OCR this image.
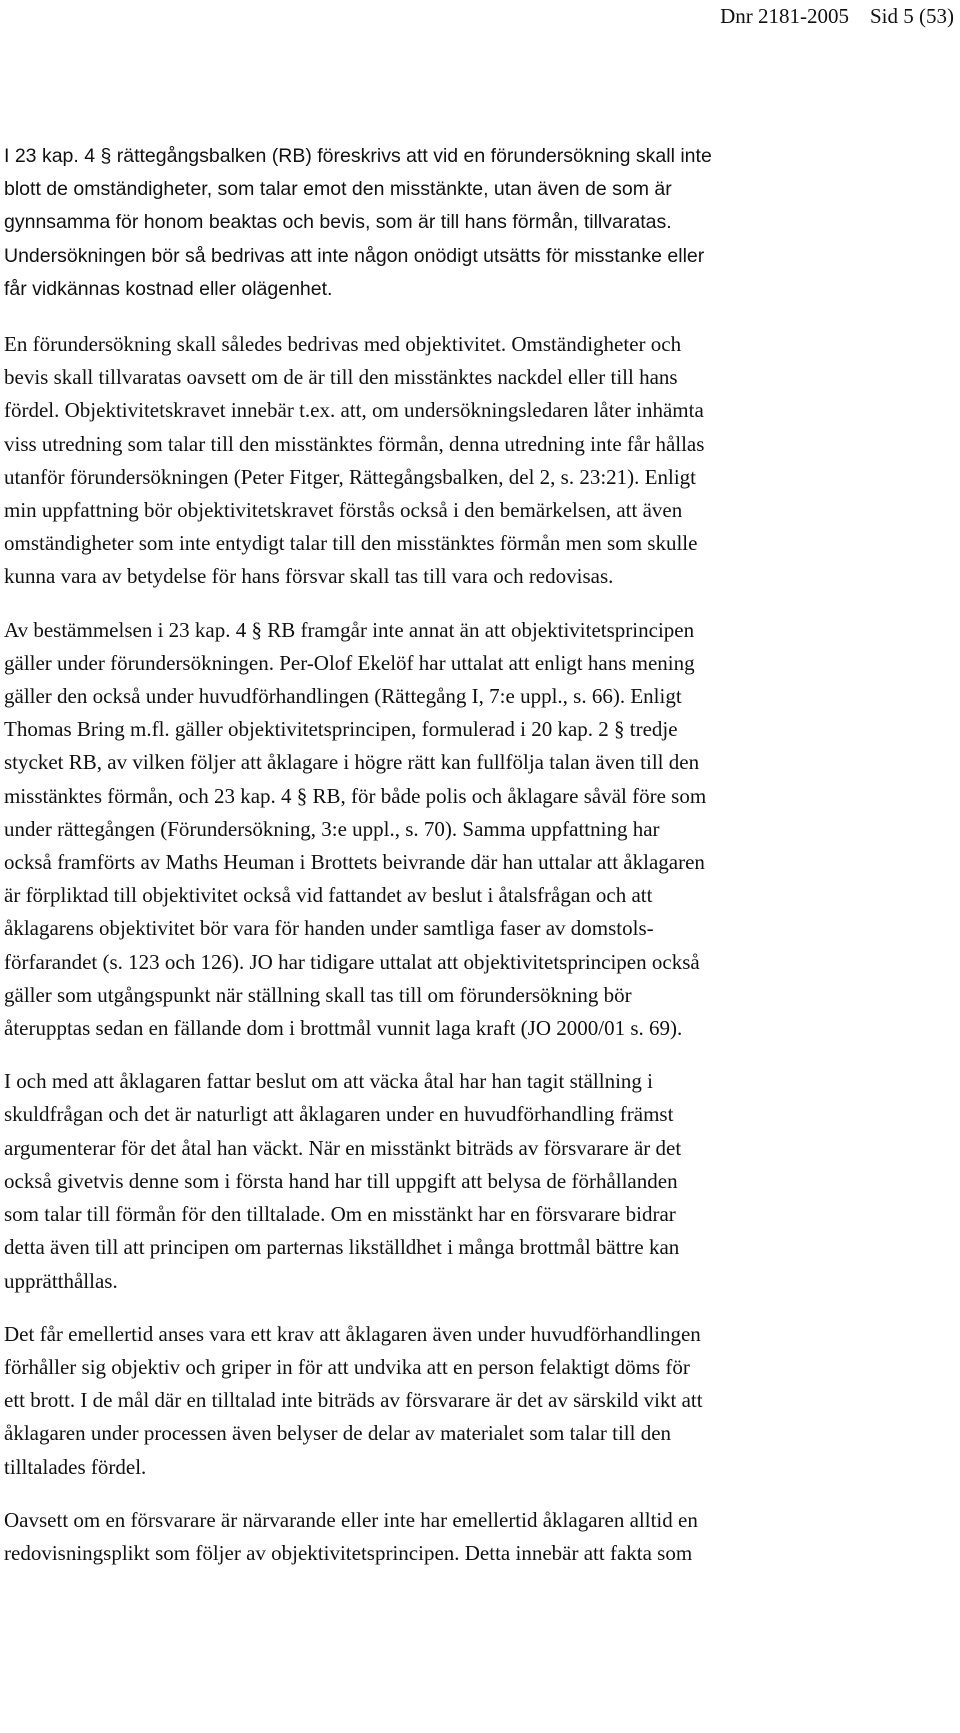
Dnr 2181-2005    Sid 5 (53)

I 23 kap. 4 § rättegångsbalken (RB) föreskrivs att vid en förundersökning skall inte
blott de omständigheter, som talar emot den misstänkte, utan även de som är
gynnsamma för honom beaktas och bevis, som är till hans förmån, tillvaratas.
Undersökningen bör så bedrivas att inte någon onödigt utsätts för misstanke eller
får vidkännas kostnad eller olägenhet.

En förundersökning skall således bedrivas med objektivitet. Omständigheter och
bevis skall tillvaratas oavsett om de är till den misstänktes nackdel eller till hans
fördel. Objektivitetskravet innebär t.ex. att, om undersökningsledaren låter inhämta
viss utredning som talar till den misstänktes förmån, denna utredning inte får hållas
utanför förundersökningen (Peter Fitger, Rättegångsbalken, del 2, s. 23:21). Enligt
min uppfattning bör objektivitetskravet förstås också i den bemärkelsen, att även
omständigheter som inte entydigt talar till den misstänktes förmån men som skulle
kunna vara av betydelse för hans försvar skall tas till vara och redovisas.

Av bestämmelsen i 23 kap. 4 § RB framgår inte annat än att objektivitetsprincipen
gäller under förundersökningen. Per-Olof Ekelöf har uttalat att enligt hans mening
gäller den också under huvudförhandlingen (Rättegång I, 7:e uppl., s. 66). Enligt
Thomas Bring m.fl. gäller objektivitetsprincipen, formulerad i 20 kap. 2 § tredje
stycket RB, av vilken följer att åklagare i högre rätt kan fullfölja talan även till den
misstänktes förmån, och 23 kap. 4 § RB, för både polis och åklagare såväl före som
under rättegången (Förundersökning, 3:e uppl., s. 70). Samma uppfattning har
också framförts av Maths Heuman i Brottets beivrande där han uttalar att åklagaren
är förpliktad till objektivitet också vid fattandet av beslut i åtalsfrågan och att
åklagarens objektivitet bör vara för handen under samtliga faser av domstols-
förfarandet (s. 123 och 126). JO har tidigare uttalat att objektivitetsprincipen också
gäller som utgångspunkt när ställning skall tas till om förundersökning bör
återupptas sedan en fällande dom i brottmål vunnit laga kraft (JO 2000/01 s. 69).

I och med att åklagaren fattar beslut om att väcka åtal har han tagit ställning i
skuldfrågan och det är naturligt att åklagaren under en huvudförhandling främst
argumenterar för det åtal han väckt. När en misstänkt biträds av försvarare är det
också givetvis denne som i första hand har till uppgift att belysa de förhållanden
som talar till förmån för den tilltalade. Om en misstänkt har en försvarare bidrar
detta även till att principen om parternas likställdhet i många brottmål bättre kan
upprätthållas.

Det får emellertid anses vara ett krav att åklagaren även under huvudförhandlingen
förhåller sig objektiv och griper in för att undvika att en person felaktigt döms för
ett brott. I de mål där en tilltalad inte biträds av försvarare är det av särskild vikt att
åklagaren under processen även belyser de delar av materialet som talar till den
tilltalades fördel.

Oavsett om en försvarare är närvarande eller inte har emellertid åklagaren alltid en
redovisningsplikt som följer av objektivitetsprincipen. Detta innebär att fakta som
